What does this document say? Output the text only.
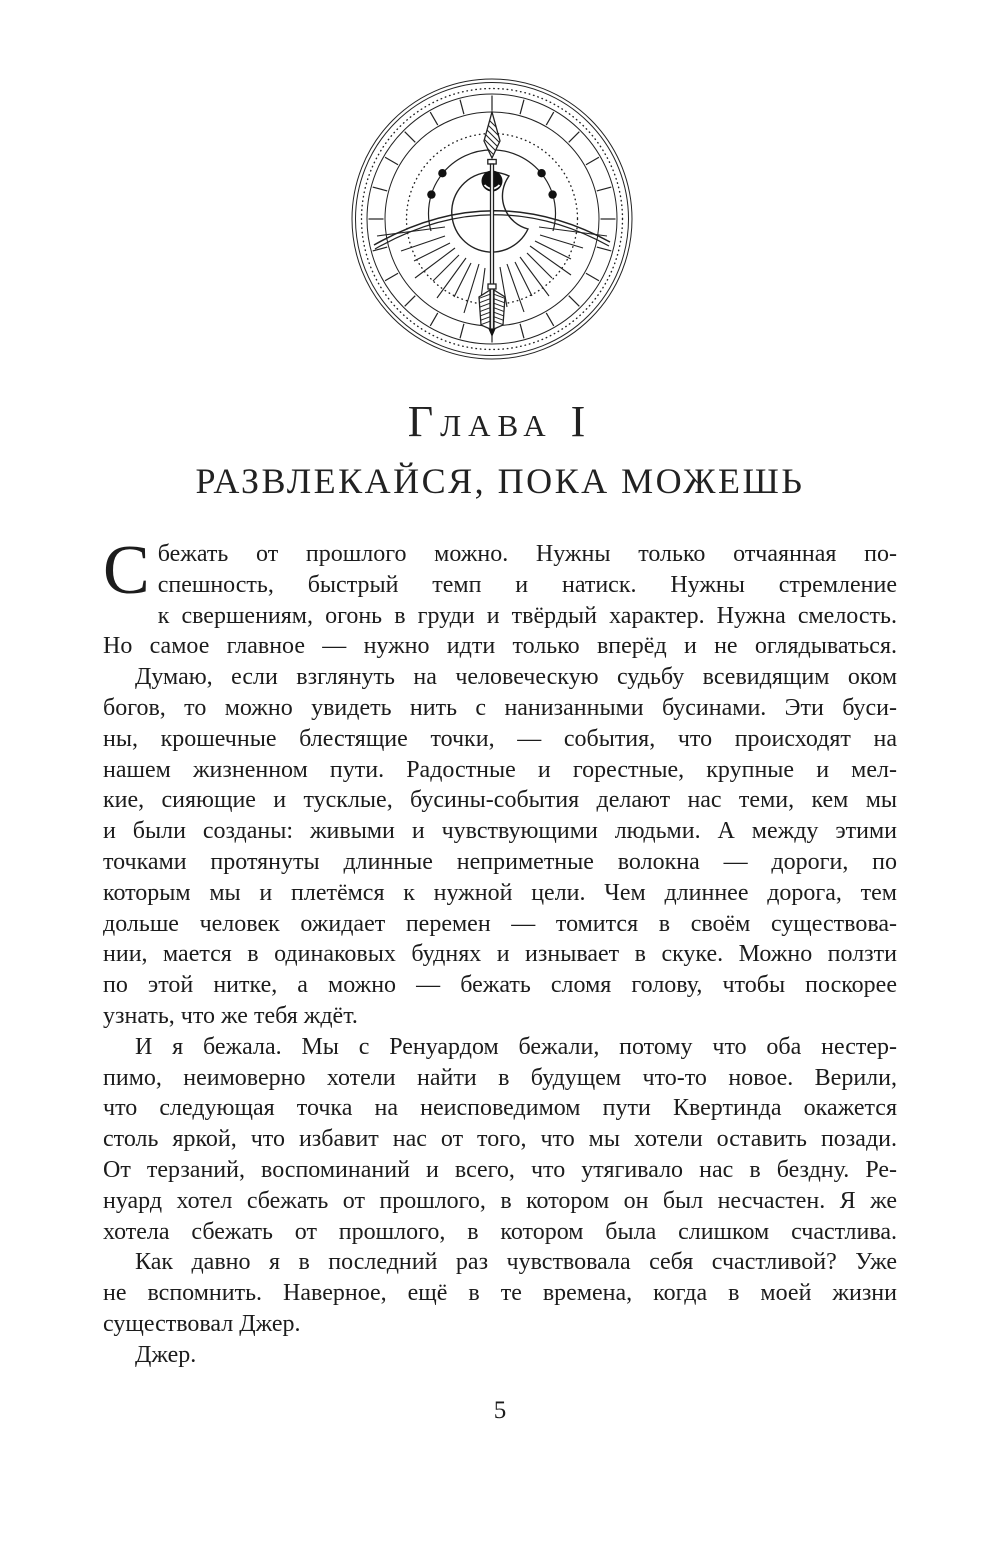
Глава I
РАЗВЛЕКАЙСЯ, ПОКА МОЖЕШЬ
С бежать от прошлого можно. Нужны только отчаянная по-
спешность, быстрый темп и натиск. Нужны стремление
к свершениям, огонь в груди и твёрдый характер. Нужна смелость.
Но самое главное — нужно идти только вперёд и не оглядываться.
Думаю, если взглянуть на человеческую судьбу всевидящим оком
богов, то можно увидеть нить с нанизанными бусинами. Эти буси-
ны, крошечные блестящие точки, — события, что происходят на
нашем жизненном пути. Радостные и горестные, крупные и мел-
кие, сияющие и тусклые, бусины-события делают нас теми, кем мы
и были созданы: живыми и чувствующими людьми. А между этими
точками протянуты длинные неприметные волокна — дороги, по
которым мы и плетёмся к нужной цели. Чем длиннее дорога, тем
дольше человек ожидает перемен — томится в своём существова-
нии, мается в одинаковых буднях и изнывает в скуке. Можно ползти
по этой нитке, а можно — бежать сломя голову, чтобы поскорее
узнать, что же тебя ждёт.
И я бежала. Мы с Ренуардом бежали, потому что оба нестер-
пимо, неимоверно хотели найти в будущем что-то новое. Верили,
что следующая точка на неисповедимом пути Квертинда окажется
столь яркой, что избавит нас от того, что мы хотели оставить позади.
От терзаний, воспоминаний и всего, что утягивало нас в бездну. Ре-
нуард хотел сбежать от прошлого, в котором он был несчастен. Я же
хотела сбежать от прошлого, в котором была слишком счастлива.
Как давно я в последний раз чувствовала себя счастливой? Уже
не вспомнить. Наверное, ещё в те времена, когда в моей жизни
существовал Джер.
Джер.
5
